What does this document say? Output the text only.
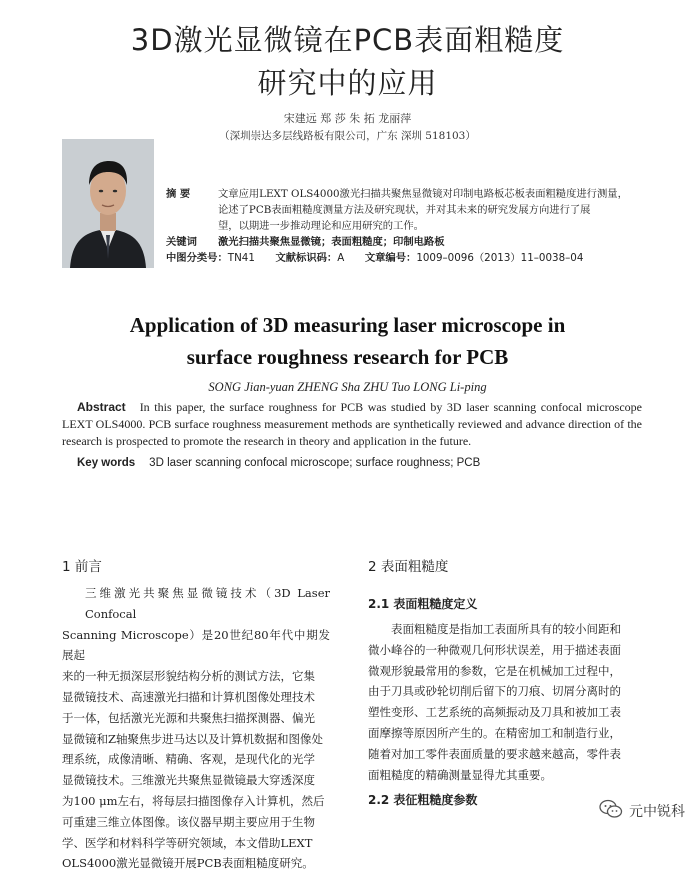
3D激光显微镜在PCB表面粗糙度
研究中的应用
宋建远 郑 莎 朱 拓 龙丽萍
（深圳崇达多层线路板有限公司，广东 深圳 518103）
摘 要	文章应用LEXT OLS4000激光扫描共聚焦显微镜对印制电路板芯板表面粗糙度进行测量，
论述了PCB表面粗糙度测量方法及研究现状，并对其未来的研究发展方向进行了展
望，以期进一步推动理论和应用研究的工作。
关键词	激光扫描共聚焦显微镜；表面粗糙度；印制电路板
中图分类号：TN41 文献标识码：A 文章编号：1009–0096（2013）11–0038–04
Application of 3D measuring laser microscope in
surface roughness research for PCB
SONG Jian-yuan ZHENG Sha ZHU Tuo LONG Li-ping
Abstract In this paper, the surface roughness for PCB was studied by 3D laser scanning confocal microscope LEXT OLS4000. PCB surface roughness measurement methods are synthetically reviewed and advance direction of the research is prospected to promote the research in theory and application in the future.
Key words 3D laser scanning confocal microscope; surface roughness; PCB
1 前言
三维激光共聚焦显微镜技术（3D Laser Confocal
Scanning Microscope）是20世纪80年代中期发展起
来的一种无损深层形貌结构分析的测试方法，它集
显微镜技术、高速激光扫描和计算机图像处理技术
于一体，包括激光光源和共聚焦扫描探测器、偏光
显微镜和Z轴聚焦步进马达以及计算机数据和图像处
理系统，成像清晰、精确、客观，是现代化的光学
显微镜技术。三维激光共聚焦显微镜最大穿透深度
为100 μm左右，将每层扫描图像存入计算机，然后
可重建三维立体图像。该仪器早期主要应用于生物
学、医学和材料科学等研究领域，本文借助LEXT
OLS4000激光显微镜开展PCB表面粗糙度研究。
2 表面粗糙度
2.1 表面粗糙度定义
表面粗糙度是指加工表面所具有的较小间距和
微小峰谷的一种微观几何形状误差，用于描述表面
微观形貌最常用的参数，它是在机械加工过程中，
由于刀具或砂轮切削后留下的刀痕、切屑分离时的
塑性变形、工艺系统的高频振动及刀具和被加工表
面摩擦等原因所产生的。在精密加工和制造行业，
随着对加工零件表面质量的要求越来越高，零件表
面粗糙度的精确测量显得尤其重要。
2.2 表征粗糙度参数
元中锐科
